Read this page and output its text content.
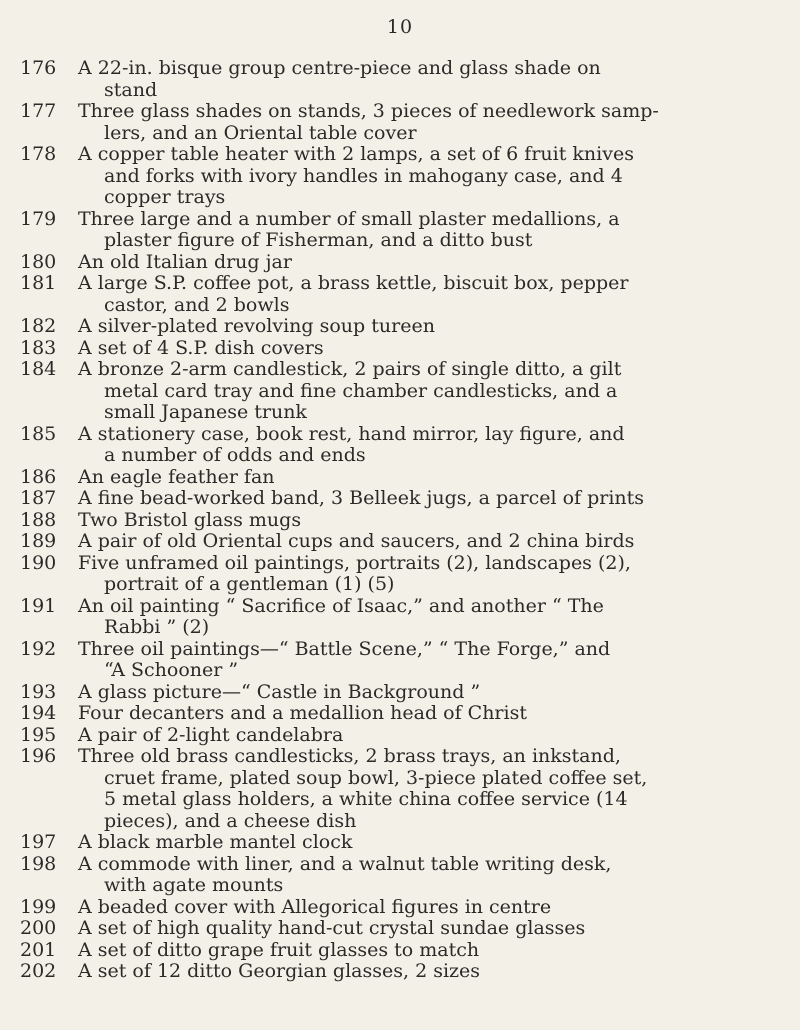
10
176	A 22-in. bisque group centre-piece and glass shade on
stand
177	Three glass shades on stands, 3 pieces of needlework samp-
lers, and an Oriental table cover
178	A copper table heater with 2 lamps, a set of 6 fruit knives
and forks with ivory handles in mahogany case, and 4
copper trays
179	Three large and a number of small plaster medallions, a
plaster figure of Fisherman, and a ditto bust
180	An old Italian drug jar
181	A large S.P. coffee pot, a brass kettle, biscuit box, pepper
castor, and 2 bowls
182	A silver-plated revolving soup tureen
183	A set of 4 S.P. dish covers
184	A bronze 2-arm candlestick, 2 pairs of single ditto, a gilt
metal card tray and fine chamber candlesticks, and a
small Japanese trunk
185	A stationery case, book rest, hand mirror, lay figure, and
a number of odds and ends
186	An eagle feather fan
187	A fine bead-worked band, 3 Belleek jugs, a parcel of prints
188	Two Bristol glass mugs
189	A pair of old Oriental cups and saucers, and 2 china birds
190	Five unframed oil paintings, portraits (2), landscapes (2),
portrait of a gentleman (1) (5)
191	An oil painting “ Sacrifice of Isaac,” and another “ The
Rabbi ” (2)
192	Three oil paintings—“ Battle Scene,” “ The Forge,” and
“A Schooner ”
193	A glass picture—“ Castle in Background ”
194	Four decanters and a medallion head of Christ
195	A pair of 2-light candelabra
196	Three old brass candlesticks, 2 brass trays, an inkstand,
cruet frame, plated soup bowl, 3-piece plated coffee set,
5 metal glass holders, a white china coffee service (14
pieces), and a cheese dish
197	A black marble mantel clock
198	A commode with liner, and a walnut table writing desk,
with agate mounts
199	A beaded cover with Allegorical figures in centre
200	A set of high quality hand-cut crystal sundae glasses
201	A set of ditto grape fruit glasses to match
202	A set of 12 ditto Georgian glasses, 2 sizes
